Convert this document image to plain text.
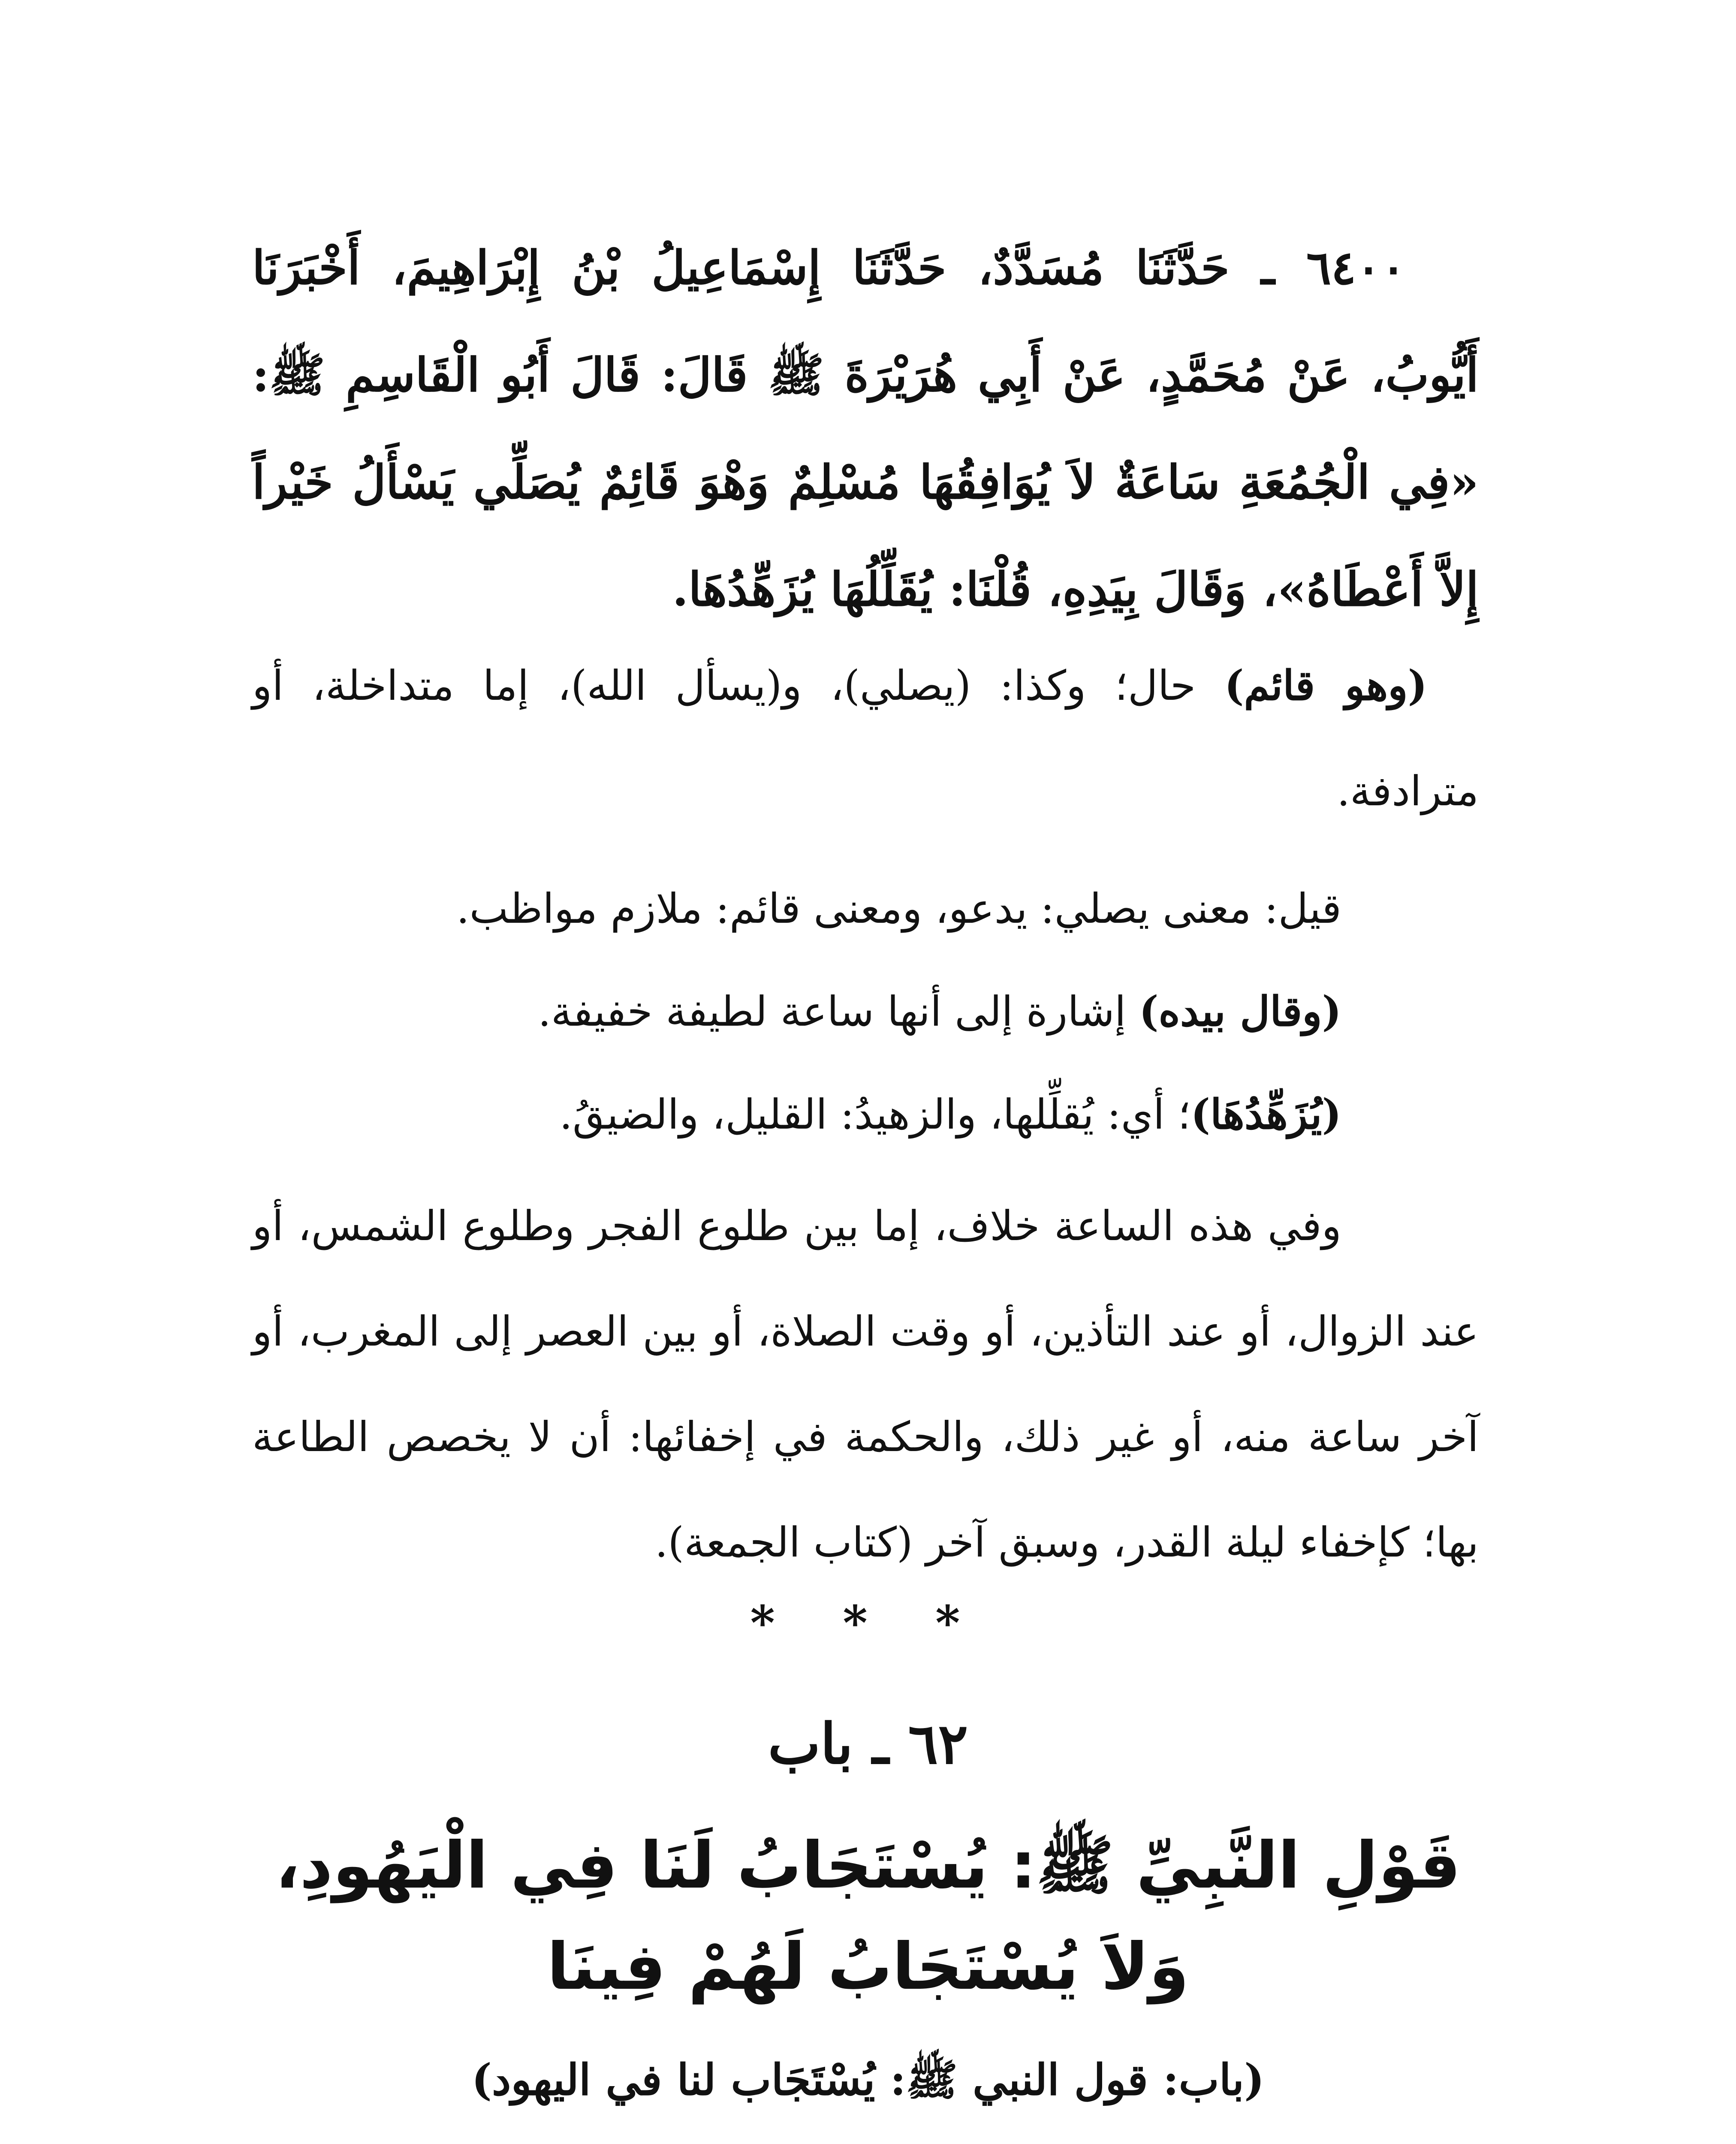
٦٤٠٠ ـ حَدَّثَنَا مُسَدَّدٌ، حَدَّثَنَا إِسْمَاعِيلُ بْنُ إِبْرَاهِيمَ، أَخْبَرَنَا أَيُّوبُ، عَنْ مُحَمَّدٍ، عَنْ أَبِي هُرَيْرَةَ ﷺ قَالَ: قَالَ أَبُو الْقَاسِمِ ﷺ: «فِي الْجُمُعَةِ سَاعَةٌ لاَ يُوَافِقُهَا مُسْلِمٌ وَهْوَ قَائِمٌ يُصَلِّي يَسْأَلُ خَيْراً إِلاَّ أَعْطَاهُ»، وَقَالَ بِيَدِهِ، قُلْنَا: يُقَلِّلُهَا يُزَهِّدُهَا.

(وهو قائم) حال؛ وكذا: (يصلي)، و(يسأل الله)، إما متداخلة، أو مترادفة.

قيل: معنى يصلي: يدعو، ومعنى قائم: ملازم مواظب.

(وقال بيده) إشارة إلى أنها ساعة لطيفة خفيفة.

(يُزَهِّدُهَا)؛ أي: يُقلِّلها، والزهيدُ: القليل، والضيقُ.

وفي هذه الساعة خلاف، إما بين طلوع الفجر وطلوع الشمس، أو عند الزوال، أو عند التأذين، أو وقت الصلاة، أو بين العصر إلى المغرب، أو آخر ساعة منه، أو غير ذلك، والحكمة في إخفائها: أن لا يخصص الطاعة بها؛ كإخفاء ليلة القدر، وسبق آخر (كتاب الجمعة).

* * *
٦٢ ـ باب
قَوْلِ النَّبِيِّ ﷺ: يُسْتَجَابُ لَنَا فِي الْيَهُودِ،
وَلاَ يُسْتَجَابُ لَهُمْ فِينَا
(باب: قول النبي ﷺ: يُسْتَجَاب لنا في اليهود)
